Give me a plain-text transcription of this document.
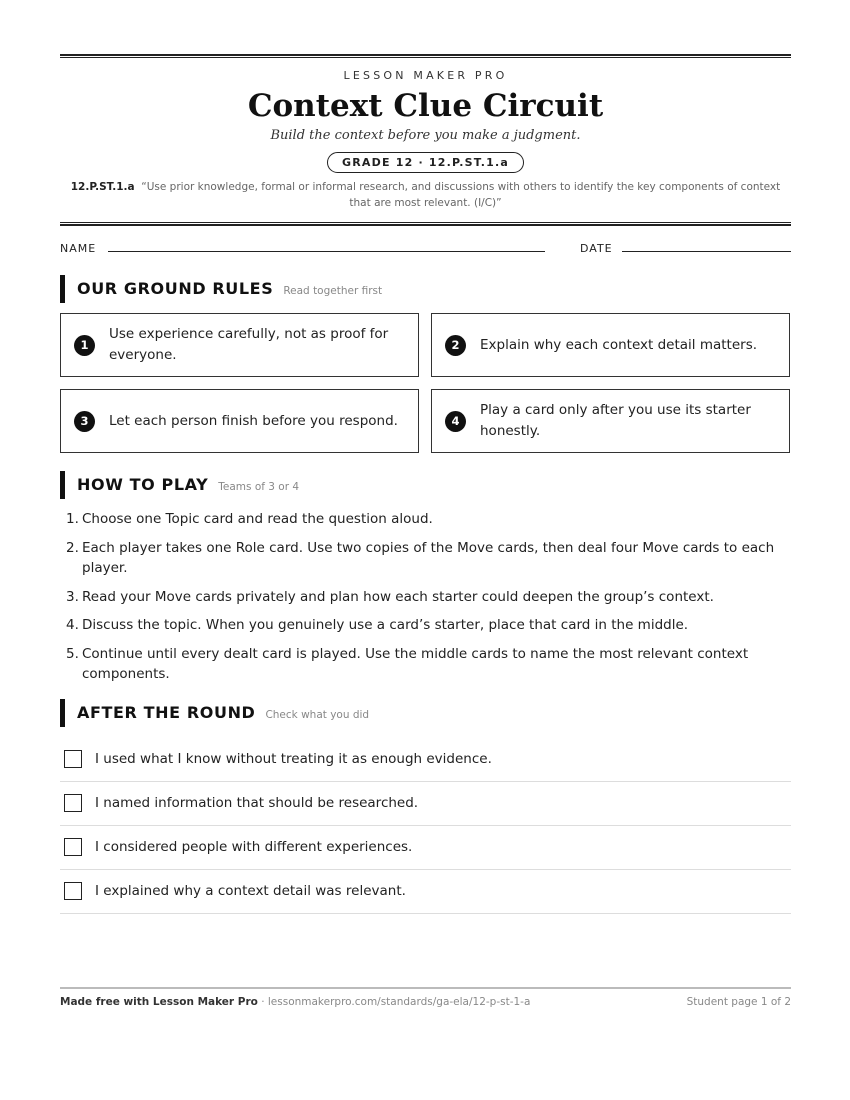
LESSON MAKER PRO
Context Clue Circuit
Build the context before you make a judgment.
GRADE 12 · 12.P.ST.1.a
12.P.ST.1.a “Use prior knowledge, formal or informal research, and discussions with others to identify the key components of context that are most relevant. (I/C)”
NAME	DATE
OUR GROUND RULES Read together first
1
Use experience carefully, not as proof for everyone.
2	Explain why each context detail matters.
3	Let each person finish before you respond.	4
Play a card only after you use its starter honestly.
HOW TO PLAY Teams of 3 or 4
1. Choose one Topic card and read the question aloud.
2. Each player takes one Role card. Use two copies of the Move cards, then deal four Move cards to each player.
3. Read your Move cards privately and plan how each starter could deepen the group’s context.
4. Discuss the topic. When you genuinely use a card’s starter, place that card in the middle.
5. Continue until every dealt card is played. Use the middle cards to name the most relevant context components.
AFTER THE ROUND Check what you did
I used what I know without treating it as enough evidence.
I named information that should be researched.
I considered people with different experiences.
I explained why a context detail was relevant.
Made free with Lesson Maker Pro · lessonmakerpro.com/standards/ga-ela/12-p-st-1-a	Student page 1 of 2
